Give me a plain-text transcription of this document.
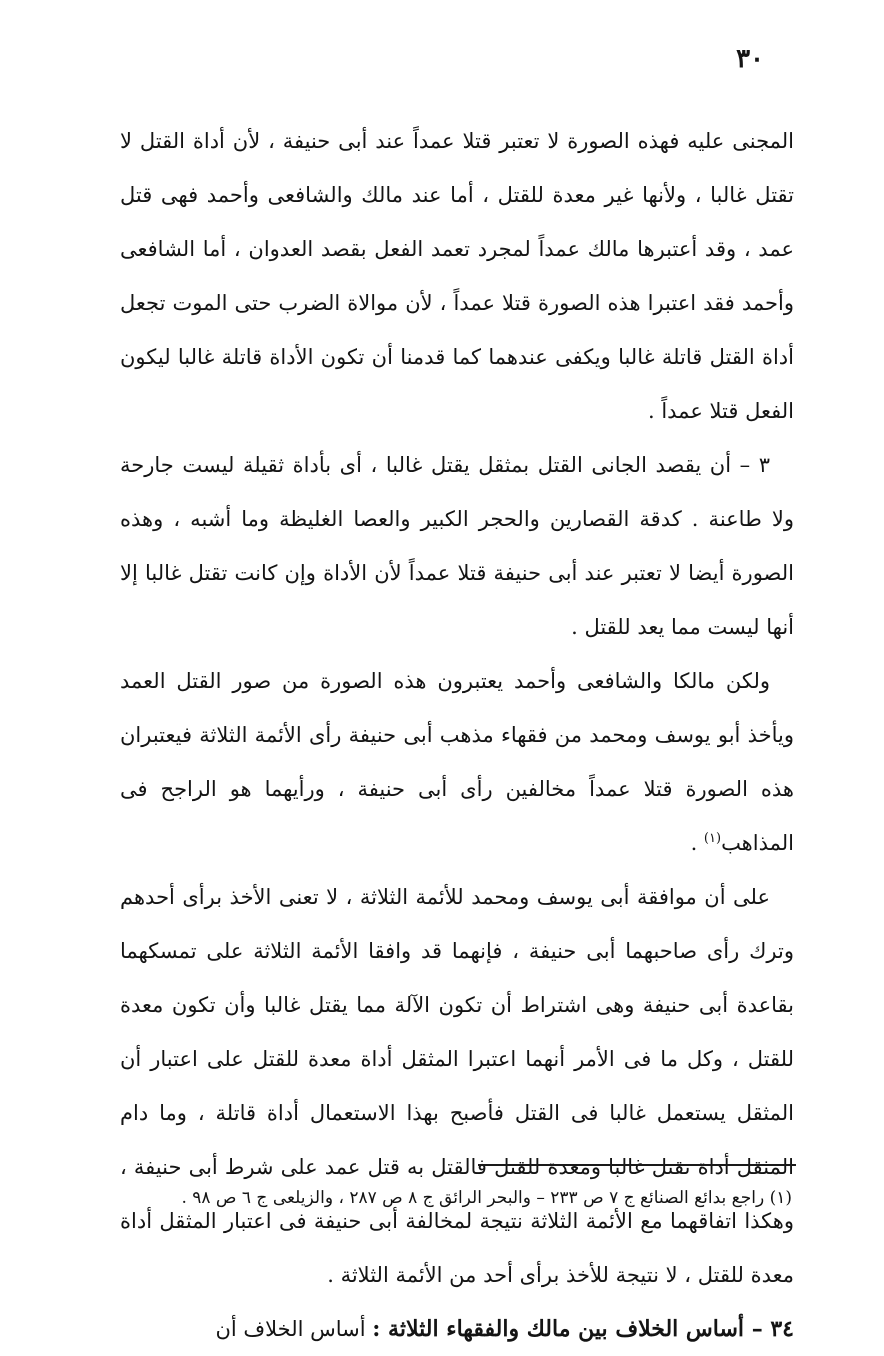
٣٠

المجنى عليه فهذه الصورة لا تعتبر قتلا عمداً عند أبى حنيفة ، لأن أداة القتل لا تقتل غالبا ، ولأنها غير معدة للقتل ، أما عند مالك والشافعى وأحمد فهى قتل عمد ، وقد أعتبرها مالك عمداً لمجرد تعمد الفعل بقصد العدوان ، أما الشافعى وأحمد فقد اعتبرا هذه الصورة قتلا عمداً ، لأن موالاة الضرب حتى الموت تجعل أداة القتل قاتلة غالبا ويكفى عندهما كما قدمنا أن تكون الأداة قاتلة غالبا ليكون الفعل قتلا عمداً .

٣ – أن يقصد الجانى القتل بمثقل يقتل غالبا ، أى بأداة ثقيلة ليست جارحة ولا طاعنة . كدقة القصارين والحجر الكبير والعصا الغليظة وما أشبه ، وهذه الصورة أيضا لا تعتبر عند أبى حنيفة قتلا عمداً لأن الأداة وإن كانت تقتل غالبا إلا أنها ليست مما يعد للقتل .

ولكن مالكا والشافعى وأحمد يعتبرون هذه الصورة من صور القتل العمد ويأخذ أبو يوسف ومحمد من فقهاء مذهب أبى حنيفة رأى الأئمة الثلاثة فيعتبران هذه الصورة قتلا عمداً مخالفين رأى أبى حنيفة ، ورأيهما هو الراجح فى المذاهب$^{(١)}$ .

على أن موافقة أبى يوسف ومحمد للأئمة الثلاثة ، لا تعنى الأخذ برأى أحدهم وترك رأى صاحبهما أبى حنيفة ، فإنهما قد وافقا الأئمة الثلاثة على تمسكهما بقاعدة أبى حنيفة وهى اشتراط أن تكون الآلة مما يقتل غالبا وأن تكون معدة للقتل ، وكل ما فى الأمر أنهما اعتبرا المثقل أداة معدة للقتل على اعتبار أن المثقل يستعمل غالبا فى القتل فأصبح بهذا الاستعمال أداة قاتلة ، وما دام المثقل أداة تقتل غالبا ومعدة للقتل فالقتل به قتل عمد على شرط أبى حنيفة ، وهكذا اتفاقهما مع الأئمة الثلاثة نتيجة لمخالفة أبى حنيفة فى اعتبار المثقل أداة معدة للقتل ، لا نتيجة للأخذ برأى أحد من الأئمة الثلاثة .

٣٤ – أساس الخلاف بين مالك والفقهاء الثلاثة : أساس الخلاف أن

(١) راجع بدائع الصنائع ج ٧ ص ٢٣٣ – والبحر الرائق ج ٨ ص ٢٨٧ ، والزيلعى ج ٦ ص ٩٨ .
